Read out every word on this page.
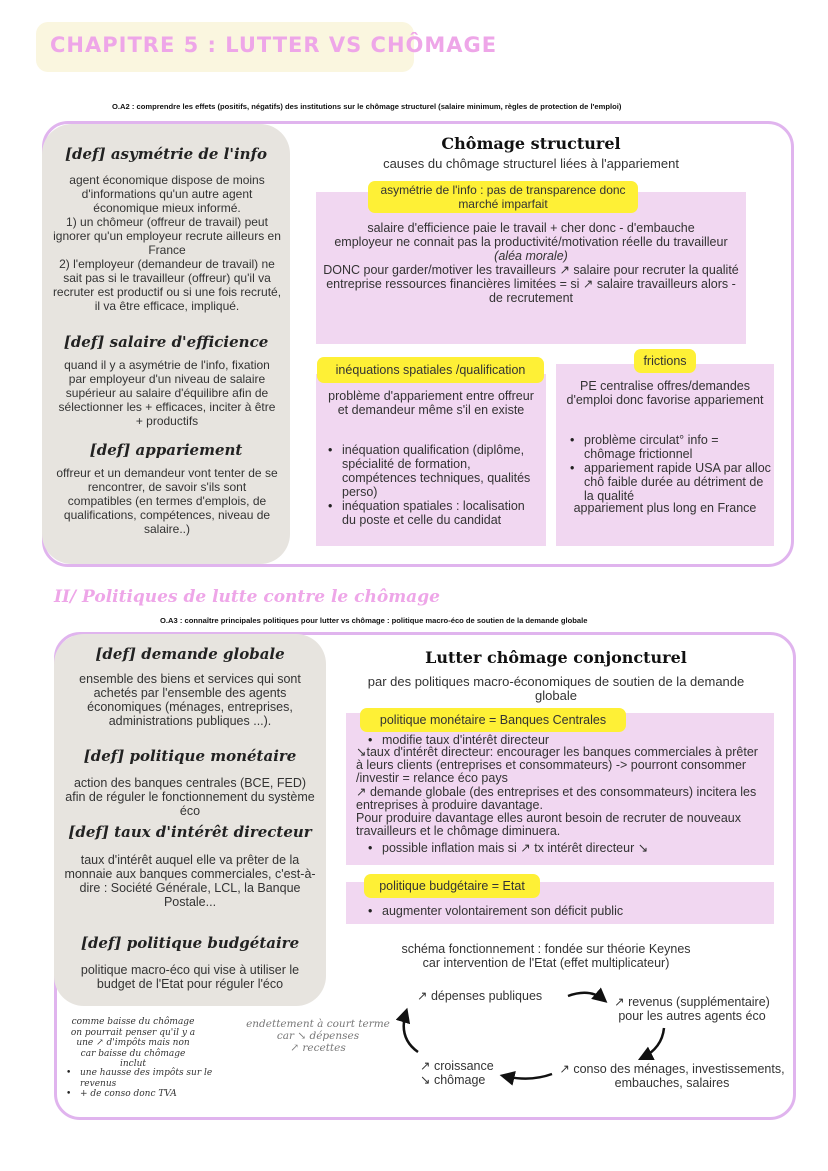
CHAPITRE 5 : LUTTER VS CHÔMAGE
O.A2 : comprendre les effets (positifs, négatifs) des institutions sur le chômage structurel (salaire minimum, règles de protection de l'emploi)
[def] asymétrie de l'info
agent économique dispose de moins d'informations qu'un autre agent économique mieux informé.
1) un chômeur (offreur de travail) peut ignorer qu'un employeur recrute ailleurs en France
2) l'employeur (demandeur de travail) ne sait pas si le travailleur (offreur) qu'il va recruter est productif ou si une fois recruté, il va être efficace, impliqué.
[def] salaire d'efficience
quand il y a asymétrie de l'info, fixation par employeur d'un niveau de salaire supérieur au salaire d'équilibre afin de sélectionner les + efficaces, inciter à être + productifs
[def] appariement
offreur et un demandeur vont tenter de se rencontrer, de savoir s'ils sont compatibles (en termes d'emplois, de qualifications, compétences, niveau de salaire..)
Chômage structurel
causes du chômage structurel liées à l'appariement
asymétrie de l'info : pas de transparence donc marché imparfait
salaire d'efficience paie le travail + cher donc - d'embauche
employeur ne connait pas la productivité/motivation réelle du travailleur (aléa morale)
DONC pour garder/motiver les travailleurs ↗ salaire pour recruter la qualité
entreprise ressources financières limitées = si ↗ salaire travailleurs alors - de recrutement
inéquations spatiales /qualification
problème d'appariement entre offreur et demandeur même s'il en existe
• inéquation qualification (diplôme, spécialité de formation, compétences techniques, qualités perso)
• inéquation spatiales : localisation du poste et celle du candidat
frictions
PE centralise offres/demandes d'emploi donc favorise appariement
• problème circulat° info = chômage frictionnel
• appariement rapide USA par alloc chô faible durée au détriment de la qualité
appariement plus long en France
II/ Politiques de lutte contre le chômage
O.A3 : connaître principales politiques pour lutter vs chômage : politique macro-éco de soutien de la demande globale
[def] demande globale
ensemble des biens et services qui sont achetés par l'ensemble des agents économiques (ménages, entreprises, administrations publiques ...).
[def] politique monétaire
action des banques centrales (BCE, FED) afin de réguler le fonctionnement du système éco
[def] taux d'intérêt directeur
taux d'intérêt auquel elle va prêter de la monnaie aux banques commerciales, c'est-à-dire : Société Générale, LCL, la Banque Postale...
[def] politique budgétaire
politique macro-éco qui vise à utiliser le budget de l'Etat pour réguler l'éco
Lutter chômage conjoncturel
par des politiques macro-économiques de soutien de la demande globale
politique monétaire = Banques Centrales
• modifie taux d'intérêt directeur
↘taux d'intérêt directeur: encourager les banques commerciales à prêter à leurs clients (entreprises et consommateurs) -> pourront consommer /investir = relance éco pays
↗ demande globale (des entreprises et des consommateurs) incitera les entreprises à produire davantage.
Pour produire davantage elles auront besoin de recruter de nouveaux travailleurs et le chômage diminuera.
• possible inflation mais si ↗ tx intérêt directeur ↘
politique budgétaire = Etat
• augmenter volontairement son déficit public
schéma fonctionnement : fondée sur théorie Keynes car intervention de l'Etat (effet multiplicateur)
↗ dépenses publiques	↗ revenus (supplémentaire) pour les autres agents éco
↗ conso des ménages, investissements, embauches, salaires
↗ croissance
↘ chômage
comme baisse du chômage on pourrait penser qu'il y a une ↗ d'impôts mais non car baisse du chômage inclut
• une hausse des impôts sur le revenus
• + de conso donc TVA
endettement à court terme
car ↘ dépenses
↗ recettes
